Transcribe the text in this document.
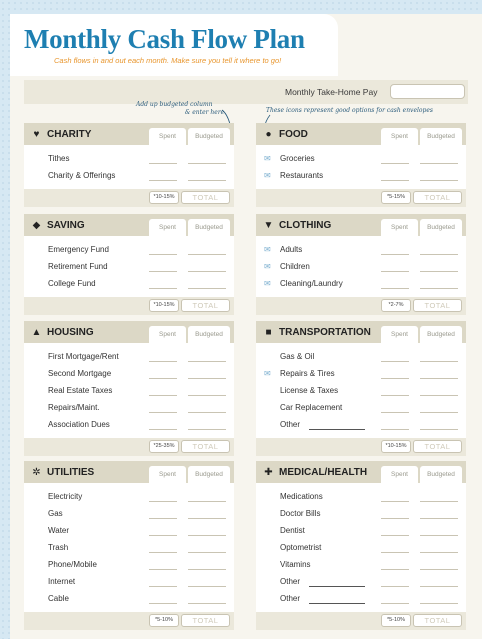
Monthly Cash Flow Plan
Cash flows in and out each month. Make sure you tell it where to go!
Monthly Take-Home Pay
Add up budgeted column
& enter here	These icons represent good options for cash envelopes
♥ CHARITY	Spent	Budgeted
Tithes
Charity & Offerings
*10-15%	TOTAL
● FOOD	Spent	Budgeted
✉ Groceries
✉ Restaurants
*5-15%	TOTAL
◆ SAVING	Spent	Budgeted
Emergency Fund
Retirement Fund
College Fund
*10-15%	TOTAL
▼ CLOTHING	Spent	Budgeted
✉ Adults
✉ Children
✉ Cleaning/Laundry
*2-7%	TOTAL
▲ HOUSING	Spent	Budgeted
First Mortgage/Rent
Second Mortgage
Real Estate Taxes
Repairs/Maint.
Association Dues
*25-35%	TOTAL
■ TRANSPORTATION	Spent	Budgeted
Gas & Oil
✉ Repairs & Tires
License & Taxes
Car Replacement
Other
*10-15%	TOTAL
✲ UTILITIES	Spent	Budgeted
Electricity
Gas
Water
Trash
Phone/Mobile
Internet
Cable
*5-10%	TOTAL
✚ MEDICAL/HEALTH	Spent	Budgeted
Medications
Doctor Bills
Dentist
Optometrist
Vitamins
Other
Other
*5-10%	TOTAL
